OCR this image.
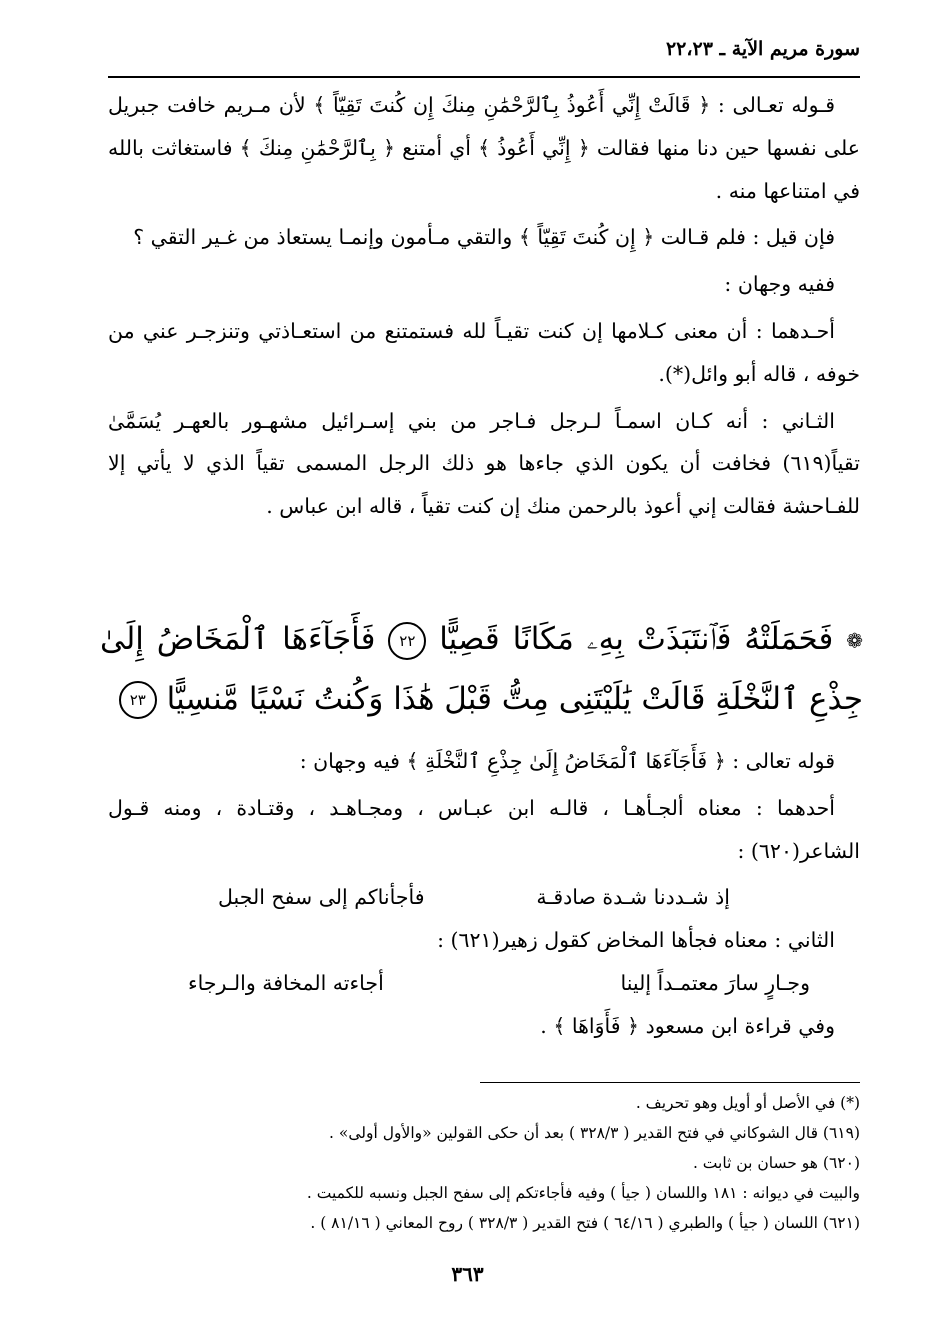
سورة مريم الآية ـ ٢٢،٢٣

قـوله تعـالى : ﴿ قَالَتْ إِنِّي أَعُوذُ بِٱلرَّحْمَٰنِ مِنكَ إِن كُنتَ تَقِيّاً ﴾ لأن مـريم خافت جبريل على نفسها حين دنا منها فقالت ﴿ إِنِّي أَعُوذُ ﴾ أي أمتنع ﴿ بِٱلرَّحْمَٰنِ مِنكَ ﴾ فاستغاثت بالله في امتناعها منه .

فإن قيل : فلم قـالت ﴿ إِن كُنتَ تَقِيّاً ﴾ والتقي مـأمون وإنمـا يستعاذ من غـير التقي ؟

ففيه وجهان :

أحـدهما : أن معنى كـلامها إن كنت تقيـاً لله فستمتنع من استعـاذتي وتنزجـر عني من خوفه ، قاله أبو وائل(*).

الثـاني : أنه كـان اسمـاً لـرجل فـاجر من بني إسـرائيل مشهـور بالعهـر يُسَمَّىٰ تقياً(٦١٩) فخافت أن يكون الذي جاءها هو ذلك الرجل المسمى تقياً الذي لا يأتي إلا للفـاحشة فقالت إني أعوذ بالرحمن منك إن كنت تقياً ، قاله ابن عباس .

❁ فَحَمَلَتْهُ فَٱنتَبَذَتْ بِهِۦ مَكَانًا قَصِيًّا ٢٢ فَأَجَآءَهَا ٱلْمَخَاضُ إِلَىٰ جِذْعِ ٱلنَّخْلَةِ قَالَتْ يَٰلَيْتَنِى مِتُّ قَبْلَ هَٰذَا وَكُنتُ نَسْيًا مَّنسِيًّا ٢٣

قوله تعالى : ﴿ فَأَجَآءَهَا ٱلْمَخَاضُ إِلَىٰ جِذْعِ ٱلنَّخْلَةِ ﴾ فيه وجهان :

أحدهما : معناه ألجـأهـا ، قالـه ابن عبـاس ، ومجـاهـد ، وقتـادة ، ومنه قـول الشاعر(٦٢٠) :

إذ شـددنا شـدة صادقـة
فأجأناكم إلى سفح الجبل

الثاني : معناه فجأها المخاض كقول زهير(٦٢١) :

وجـارٍ سارَ معتمـداً إلينا
أجاءته المخافة والـرجاء

وفي قراءة ابن مسعود ﴿ فَأَوَاهَا ﴾ .

(*) في الأصل أو أويل وهو تحريف .
(٦١٩) قال الشوكاني في فتح القدير ( ٣٢٨/٣ ) بعد أن حكى القولين «والأول أولى» .
(٦٢٠) هو حسان بن ثابت .
والبيت في ديوانه : ١٨١ واللسان ( جيأ ) وفيه فأجاءتكم إلى سفح الجبل ونسبه للكميت .
(٦٢١) اللسان ( جيأ ) والطبري ( ٦٤/١٦ ) فتح القدير ( ٣٢٨/٣ ) روح المعاني ( ٨١/١٦ ) .
٣٦٣
